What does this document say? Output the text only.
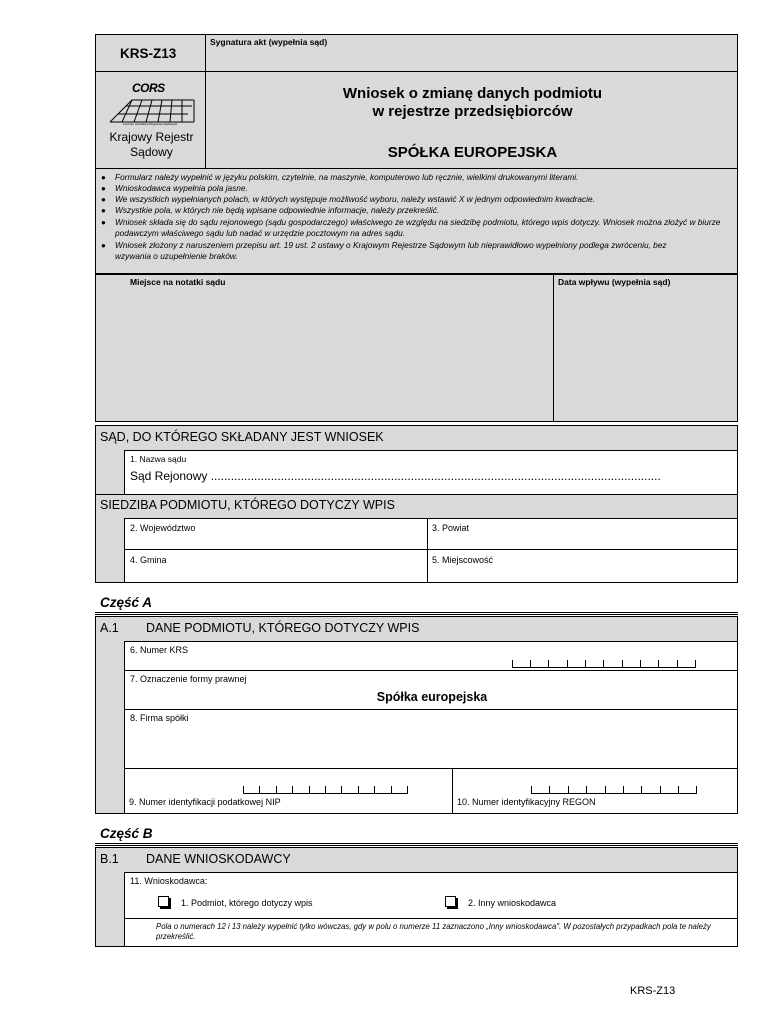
KRS-Z13
Sygnatura akt (wypełnia sąd)
CORS
Centrum Ośrodków Rejestrów Sądowych
Krajowy Rejestr
Sądowy
Wniosek o zmianę danych podmiotu
w rejestrze przedsiębiorców
SPÓŁKA EUROPEJSKA
● Formularz należy wypełnić w języku polskim, czytelnie, na maszynie, komputerowo lub ręcznie, wielkimi drukowanymi literami.
● Wnioskodawca wypełnia pola jasne.
● We wszystkich wypełnianych polach, w których występuje możliwość wyboru, należy wstawić X w jednym odpowiednim kwadracie.
● Wszystkie pola, w których nie będą wpisane odpowiednie informacje, należy przekreślić.
● Wniosek składa się do sądu rejonowego (sądu gospodarczego) właściwego ze względu na siedzibę podmiotu, którego wpis dotyczy. Wniosek można złożyć w biurze podawczym właściwego sądu lub nadać w urzędzie pocztowym na adres sądu.
● Wniosek złożony z naruszeniem przepisu art. 19 ust. 2 ustawy o Krajowym Rejestrze Sądowym lub nieprawidłowo wypełniony podlega zwróceniu, bez wzywania o uzupełnienie braków.
Miejsce na notatki sądu	Data wpływu (wypełnia sąd)
SĄD, DO KTÓREGO SKŁADANY JEST WNIOSEK
1. Nazwa sądu
Sąd Rejonowy .......................................................................................................................................
SIEDZIBA PODMIOTU, KTÓREGO DOTYCZY WPIS
2. Województwo	3. Powiat
4. Gmina	5. Miejscowość
Część A
A.1 DANE PODMIOTU, KTÓREGO DOTYCZY WPIS
6. Numer KRS
7. Oznaczenie formy prawnej
Spółka europejska
8. Firma spółki
9. Numer identyfikacji podatkowej NIP	10. Numer identyfikacyjny REGON
Część B
B.1 DANE WNIOSKODAWCY
11. Wnioskodawca:
1. Podmiot, którego dotyczy wpis	2. Inny wnioskodawca
Pola o numerach 12 i 13 należy wypełnić tylko wówczas, gdy w polu o numerze 11 zaznaczono „Inny wnioskodawca". W pozostałych przypadkach pola te należy przekreślić.
KRS-Z13
